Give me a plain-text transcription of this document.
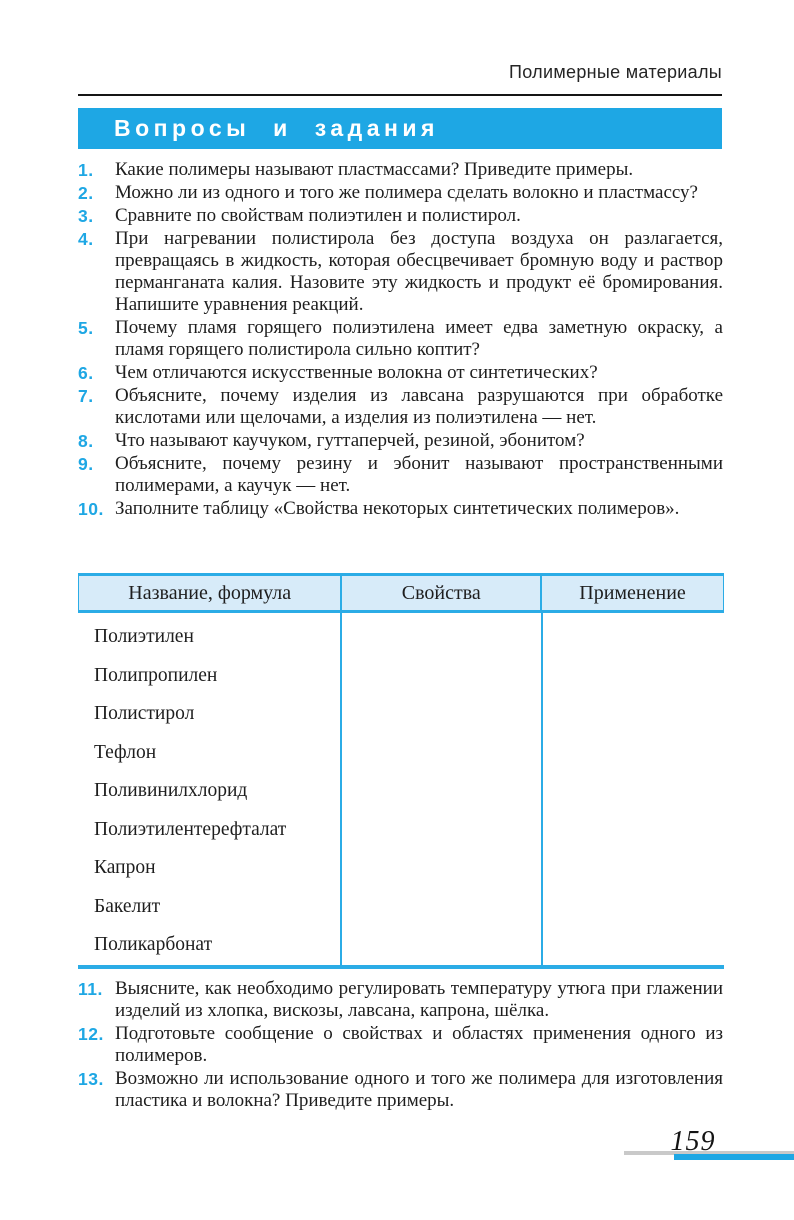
Полимерные материалы
Вопросы и задания
1.	Какие полимеры называют пластмассами? Приведите примеры.
2.	Можно ли из одного и того же полимера сделать волокно и пластмассу?
3.	Сравните по свойствам полиэтилен и полистирол.
4.	При нагревании полистирола без доступа воздуха он разлагается, превращаясь в жидкость, которая обесцвечивает бромную воду и раствор перманганата калия. Назовите эту жидкость и продукт её бромирования. Напишите уравнения реакций.
5.	Почему пламя горящего полиэтилена имеет едва заметную окраску, а пламя горящего полистирола сильно коптит?
6.	Чем отличаются искусственные волокна от синтетических?
7.	Объясните, почему изделия из лавсана разрушаются при обработке кислотами или щелочами, а изделия из полиэтилена — нет.
8.	Что называют каучуком, гуттаперчей, резиной, эбонитом?
9.	Объясните, почему резину и эбонит называют пространственными полимерами, а каучук — нет.
10. Заполните таблицу «Свойства некоторых синтетических полимеров».
Название, формула	Свойства	Применение
Полиэтилен
Полипропилен
Полистирол
Тефлон
Поливинилхлорид
Полиэтилентерефталат
Капрон
Бакелит
Поликарбонат
11. Выясните, как необходимо регулировать температуру утюга при глажении изделий из хлопка, вискозы, лавсана, капрона, шёлка.
12. Подготовьте сообщение о свойствах и областях применения одного из полимеров.
13. Возможно ли использование одного и того же полимера для изготовления пластика и волокна? Приведите примеры.
159
